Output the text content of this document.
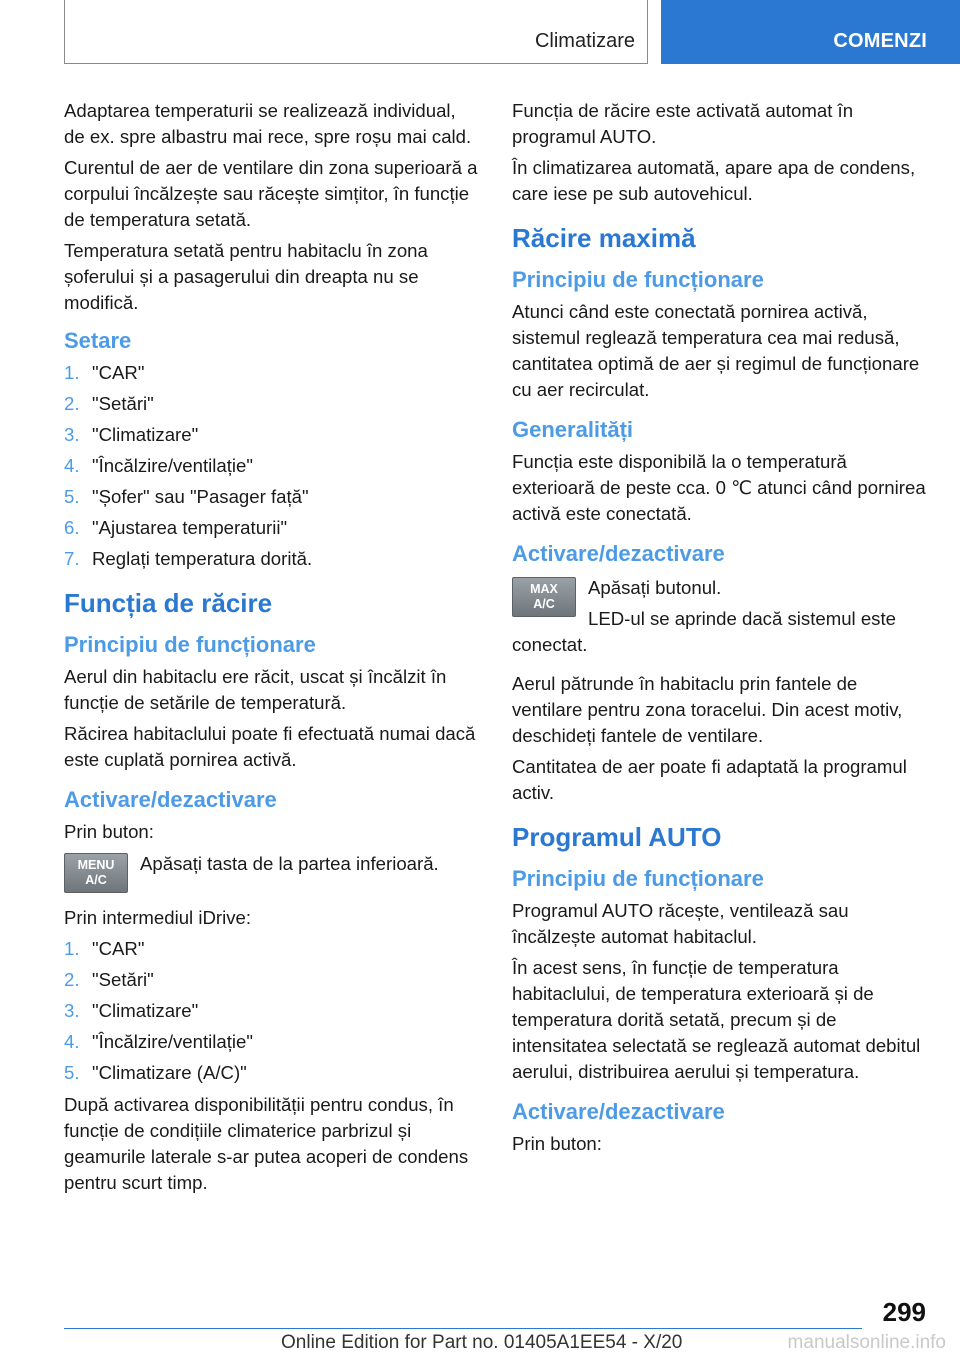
Climatizare	COMENZI

Adaptarea temperaturii se realizează individual, de ex. spre albastru mai rece, spre roșu mai cald.

Curentul de aer de ventilare din zona superioară a corpului încălzește sau răcește simțitor, în funcție de temperatura setată.

Temperatura setată pentru habitaclu în zona șoferului și a pasagerului din dreapta nu se modifică.

Setare
1. "CAR"
2. "Setări"
3. "Climatizare"
4. "Încălzire/ventilație"
5. "Șofer" sau "Pasager față"
6. "Ajustarea temperaturii"
7. Reglați temperatura dorită.
Funcția de răcire
Principiu de funcționare

Aerul din habitaclu ere răcit, uscat și încălzit în funcție de setările de temperatură.

Răcirea habitaclului poate fi efectuată numai dacă este cuplată pornirea activă.

Activare/dezactivare

Prin buton:

MENU
A/C

Apăsați tasta de la partea inferioară.

Prin intermediul iDrive:

1. "CAR"
2. "Setări"
3. "Climatizare"
4. "Încălzire/ventilație"
5. "Climatizare (A/C)"

După activarea disponibilității pentru condus, în funcție de condițiile climaterice parbrizul și geamurile laterale s-ar putea acoperi de condens pentru scurt timp.

Funcția de răcire este activată automat în programul AUTO.

În climatizarea automată, apare apa de condens, care iese pe sub autovehicul.

Răcire maximă
Principiu de funcționare

Atunci când este conectată pornirea activă, sistemul reglează temperatura cea mai redusă, cantitatea optimă de aer și regimul de funcționare cu aer recirculat.

Generalități

Funcția este disponibilă la o temperatură exterioară de peste cca. 0 ℃ atunci când pornirea activă este conectată.

Activare/dezactivare
MAX
A/C

Apăsați butonul.

LED-ul se aprinde dacă sistemul este conectat.

Aerul pătrunde în habitaclu prin fantele de ventilare pentru zona toracelui. Din acest motiv, deschideți fantele de ventilare.

Cantitatea de aer poate fi adaptată la programul activ.

Programul AUTO
Principiu de funcționare

Programul AUTO răcește, ventilează sau încălzește automat habitaclul.

În acest sens, în funcție de temperatura habitaclului, de temperatura exterioară și de temperatura dorită setată, precum și de intensitatea selectată se reglează automat debitul aerului, distribuirea aerului și temperatura.

Activare/dezactivare

Prin buton:

299
Online Edition for Part no. 01405A1EE54 - X/20	manualsonline.info
